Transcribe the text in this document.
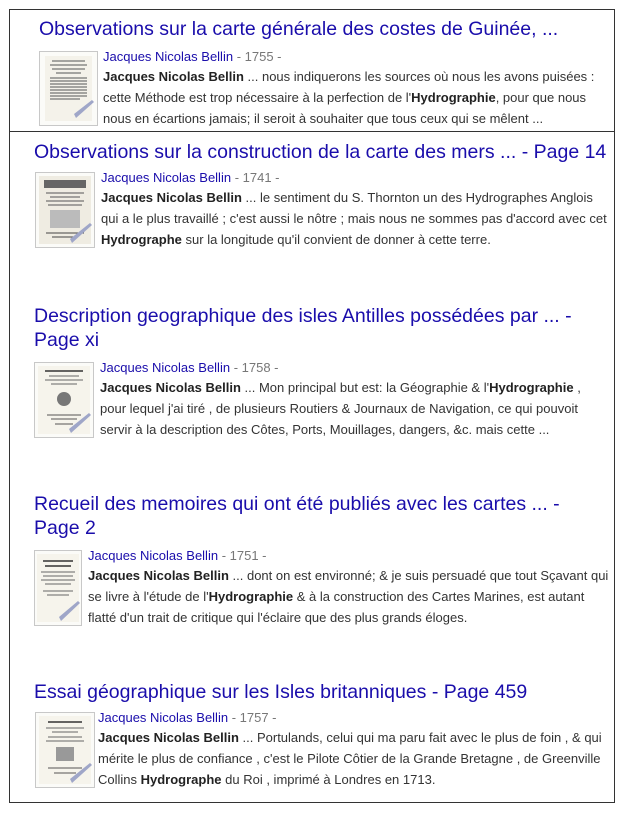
Observations sur la carte générale des costes de Guinée, ...
Jacques Nicolas Bellin - 1755 -
Jacques Nicolas Bellin ... nous indiquerons les sources où nous les avons puisées : cette Méthode est trop nécessaire à la perfection de l'Hydrographie, pour que nous nous en écartions jamais; il seroit à souhaiter que tous ceux qui se mêlent ...
Observations sur la construction de la carte des mers ... - Page 14
Jacques Nicolas Bellin - 1741 -
Jacques Nicolas Bellin ... le sentiment du S. Thornton un des Hydrographes Anglois qui a le plus travaillé ; c'est aussi le nôtre ; mais nous ne sommes pas d'accord avec cet Hydrographe sur la longitude qu'il convient de donner à cette terre.
Description geographique des isles Antilles possédées par ... - Page xi
Jacques Nicolas Bellin - 1758 -
Jacques Nicolas Bellin ... Mon principal but est: la Géographie & l'Hydrographie , pour lequel j'ai tiré , de plusieurs Routiers & Journaux de Navigation, ce qui pouvoit servir à la description des Côtes, Ports, Mouillages, dangers, &c. mais cette ...
Recueil des memoires qui ont été publiés avec les cartes ... - Page 2
Jacques Nicolas Bellin - 1751 -
Jacques Nicolas Bellin ... dont on est environné; & je suis persuadé que tout Sçavant qui se livre à l'étude de l'Hydrographie & à la construction des Cartes Marines, est autant flatté d'un trait de critique qui l'éclaire que des plus grands éloges.
Essai géographique sur les Isles britanniques - Page 459
Jacques Nicolas Bellin - 1757 -
Jacques Nicolas Bellin ... Portulands, celui qui ma paru fait avec le plus de foin , & qui mérite le plus de confiance , c'est le Pilote Côtier de la Grande Bretagne , de Greenville Collins Hydrographe du Roi , imprimé à Londres en 1713.
